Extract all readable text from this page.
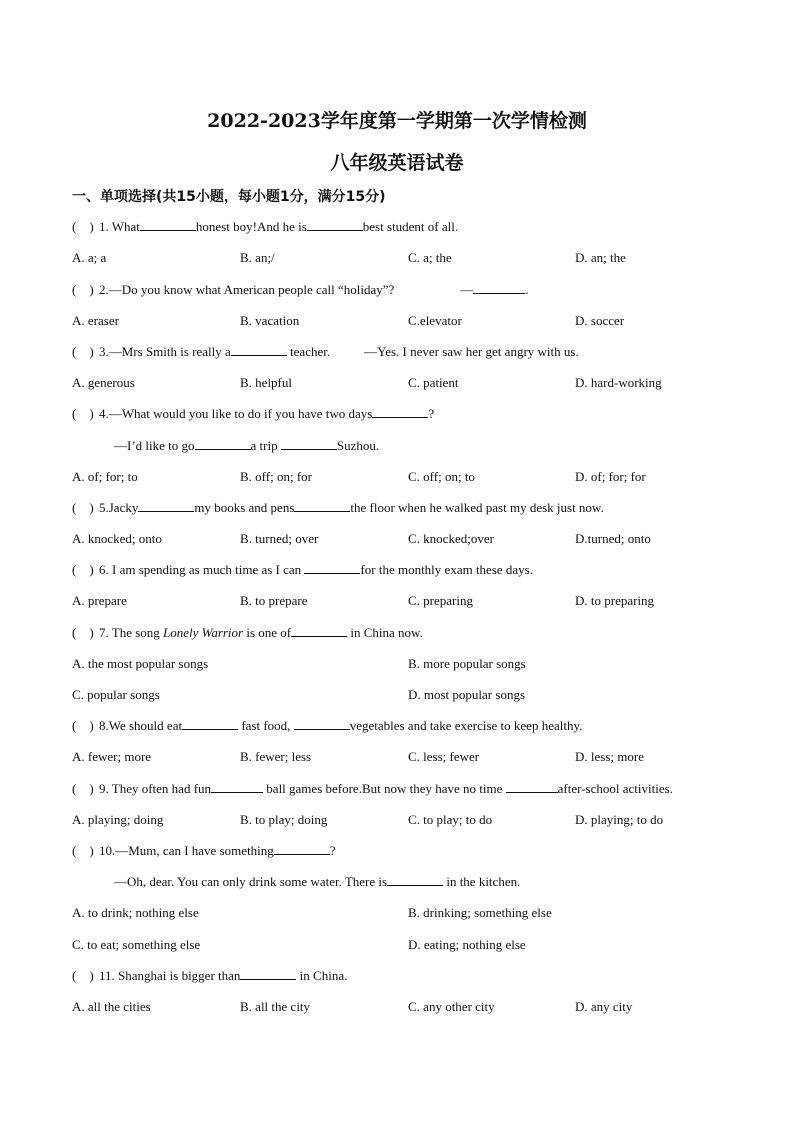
2022-2023学年度第一学期第一次学情检测
八年级英语试卷
一、单项选择(共15小题，每小题1分，满分15分)
( ) 1. What	honest boy!And he is	best student of all.
A. a; a	B. an;/	C. a; the	D. an; the
( ) 2.—Do you know what American people call “holiday”?	—	.
A. eraser	B. vacation	C.elevator	D. soccer
( ) 3.—Mrs Smith is really a	teacher.	—Yes. I never saw her get angry with us.
A. generous	B. helpful	C. patient	D. hard-working
( ) 4.—What would you like to do if you have two days	?
—I’d like to go	a trip	Suzhou.
A. of; for; to	B. off; on; for	C. off; on; to	D. of; for; for
( ) 5.Jacky	my books and pens	the floor when he walked past my desk just now.
A. knocked; onto	B. turned; over	C. knocked;over	D.turned; onto
( ) 6. I am spending as much time as I can	for the monthly exam these days.
A. prepare	B. to prepare	C. preparing	D. to preparing
( ) 7. The song Lonely Warrior is one of	in China now.
A. the most popular songs	B. more popular songs
C. popular songs	D. most popular songs
( ) 8.We should eat	fast food,	vegetables and take exercise to keep healthy.
A. fewer; more	B. fewer; less	C. less; fewer	D. less; more
( ) 9. They often had fun	ball games before.But now they have no time	after-school activities.
A. playing; doing	B. to play; doing	C. to play; to do	D. playing; to do
( ) 10.—Mum, can I have something	?
—Oh, dear. You can only drink some water. There is	in the kitchen.
A. to drink; nothing else	B. drinking; something else
C. to eat; something else	D. eating; nothing else
( ) 11. Shanghai is bigger than	in China.
A. all the cities	B. all the city	C. any other city	D. any city
